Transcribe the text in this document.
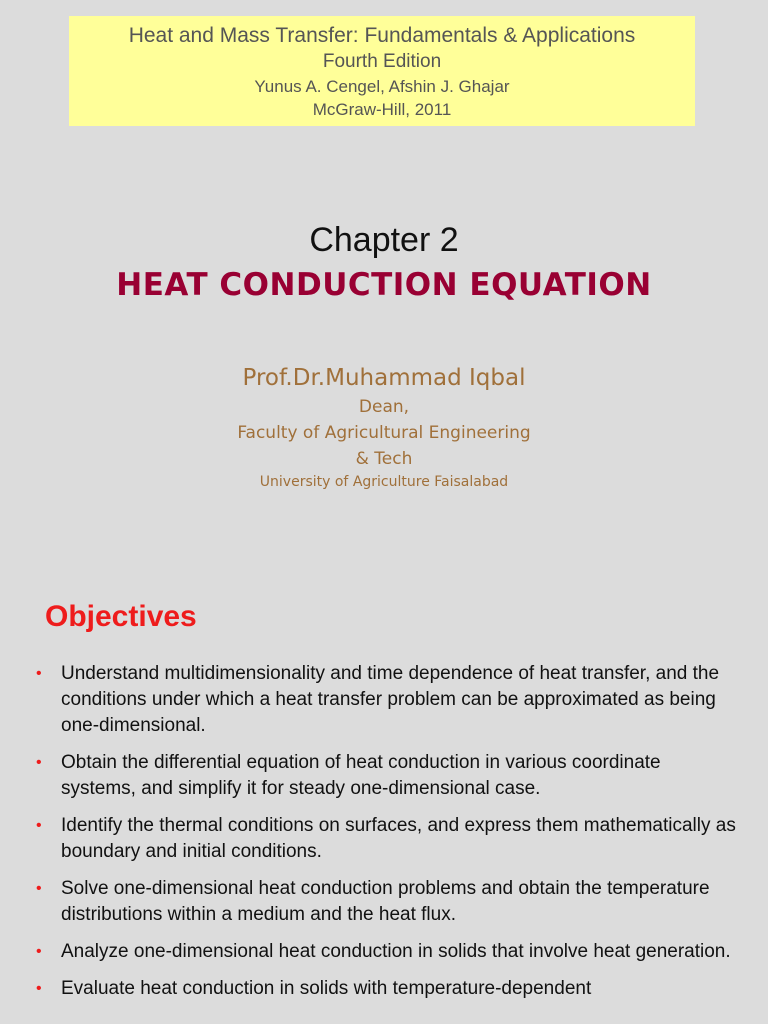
Heat and Mass Transfer: Fundamentals & Applications
Fourth Edition
Yunus A. Cengel, Afshin J. Ghajar
McGraw-Hill, 2011
Chapter 2
HEAT CONDUCTION EQUATION
Prof.Dr.Muhammad Iqbal
Dean,
Faculty of Agricultural Engineering
& Tech
University of Agriculture Faisalabad
Objectives
• Understand multidimensionality and time dependence of heat transfer, and the conditions under which a heat transfer problem can be approximated as being one-dimensional.
• Obtain the differential equation of heat conduction in various coordinate systems, and simplify it for steady one-dimensional case.
• Identify the thermal conditions on surfaces, and express them mathematically as boundary and initial conditions.
• Solve one-dimensional heat conduction problems and obtain the temperature distributions within a medium and the heat flux.
• Analyze one-dimensional heat conduction in solids that involve heat generation.
• Evaluate heat conduction in solids with temperature-dependent
